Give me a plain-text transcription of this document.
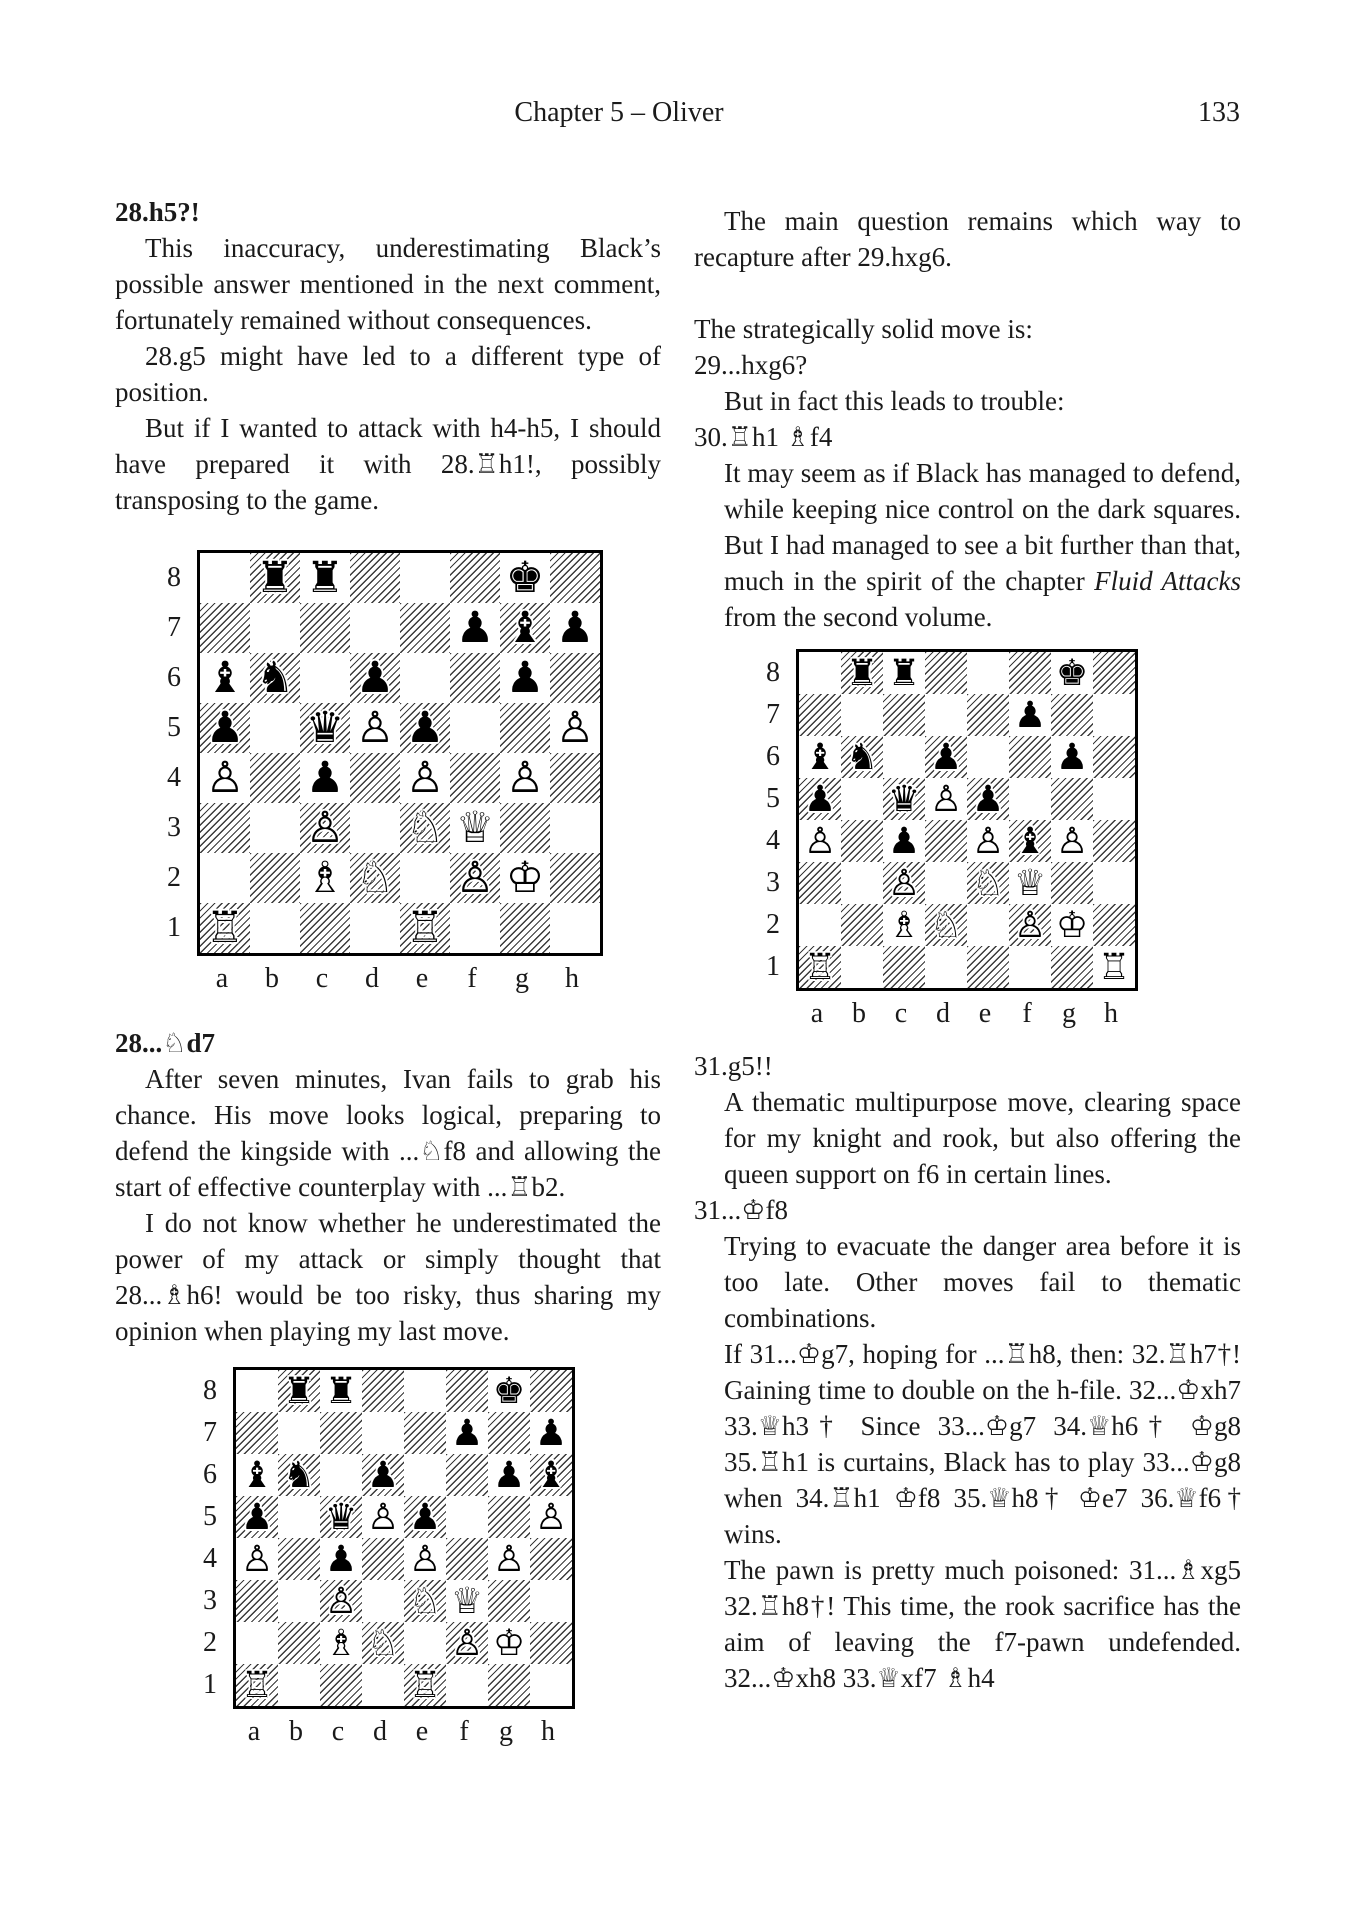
Chapter 5 – Oliver	133

28.h5?!

This inaccuracy, underestimating Black’s possible answer mentioned in the next comment, fortunately remained without consequences.

28.g5 might have led to a different type of position.

But if I wanted to attack with h4-h5, I should have prepared it with 28.♖h1!, possibly transposing to the game.

8
7
6
5
4
3
2
1
♜ ♜	♚
♟ ♝ ♟
♝ ♞ ♟	♟
♟ ♛ ♙ ♟	♙
♙ ♟ ♙ ♙
♙ ♘ ♕
♗ ♘ ♙ ♔
♖	♖
a	b	c	d	e	f	g	h

28...♘d7

After seven minutes, Ivan fails to grab his chance. His move looks logical, preparing to defend the kingside with ...♘f8 and allowing the start of effective counterplay with ...♖b2.

I do not know whether he underestimated the power of my attack or simply thought that 28...♗h6! would be too risky, thus sharing my opinion when playing my last move.

8
7
6
5
4
3
2
1
♜ ♜	♚
♟ ♟
♝ ♞ ♟	♟ ♝
♟ ♛ ♙ ♟	♙
♙ ♟ ♙ ♙
♙ ♘ ♕
♗ ♘ ♙ ♔
♖	♖
a	b	c	d	e	f	g	h

The main question remains which way to recapture after 29.hxg6.

The strategically solid move is:

29...hxg6?

But in fact this leads to trouble:

30.♖h1 ♗f4

It may seem as if Black has managed to defend, while keeping nice control on the dark squares. But I had managed to see a bit further than that, much in the spirit of the chapter Fluid Attacks from the second volume.

8
7
6
5
4
3
2
1
♜ ♜	♚
♟
♝ ♞ ♟	♟
♟ ♛ ♙ ♟
♙ ♟ ♙ ♝ ♙
♙ ♘ ♕
♗ ♘ ♙ ♔
♖	♖
a	b	c	d	e	f	g	h

31.g5!!

A thematic multipurpose move, clearing space for my knight and rook, but also offering the queen support on f6 in certain lines.

31...♔f8

Trying to evacuate the danger area before it is too late. Other moves fail to thematic combinations.

If 31...♔g7, hoping for ...♖h8, then: 32.♖h7†! Gaining time to double on the h-file. 32...♔xh7 33.♕h3† Since 33...♔g7 34.♕h6† ♔g8 35.♖h1 is curtains, Black has to play 33...♔g8 when 34.♖h1 ♔f8 35.♕h8† ♔e7 36.♕f6† wins.

The pawn is pretty much poisoned: 31...♗xg5 32.♖h8†! This time, the rook sacrifice has the aim of leaving the f7-pawn undefended. 32...♔xh8 33.♕xf7 ♗h4
